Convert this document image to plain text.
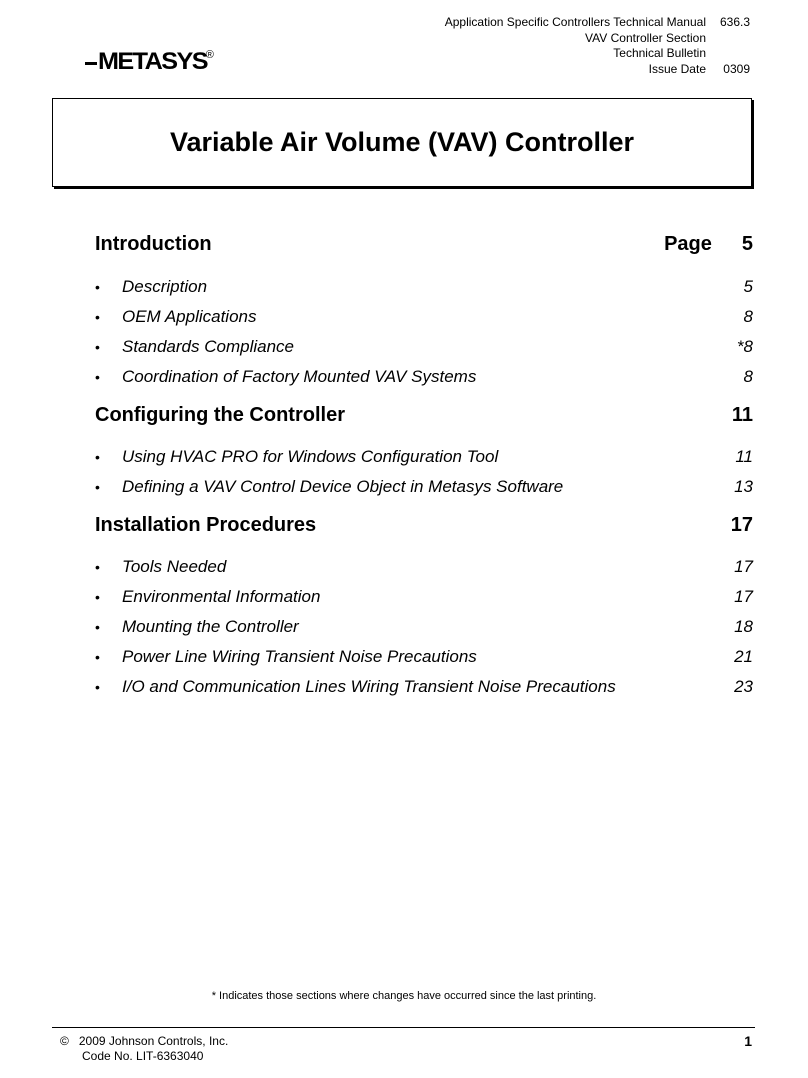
Application Specific Controllers Technical Manual	636.3
VAV Controller Section
Technical Bulletin
Issue Date	0309
METASYS
®
Variable Air Volume (VAV) Controller
Introduction	Page 5
• Description	5
• OEM Applications	8
• Standards Compliance	*8
• Coordination of Factory Mounted VAV Systems	8
Configuring the Controller	11
• Using HVAC PRO for Windows Configuration Tool	11
• Defining a VAV Control Device Object in Metasys Software	13
Installation Procedures	17
• Tools Needed	17
• Environmental Information	17
• Mounting the Controller	18
• Power Line Wiring Transient Noise Precautions	21
• I/O and Communication Lines Wiring Transient Noise Precautions	23
* Indicates those sections where changes have occurred since the last printing.
© 2009 Johnson Controls, Inc.
Code No. LIT-6363040
1
